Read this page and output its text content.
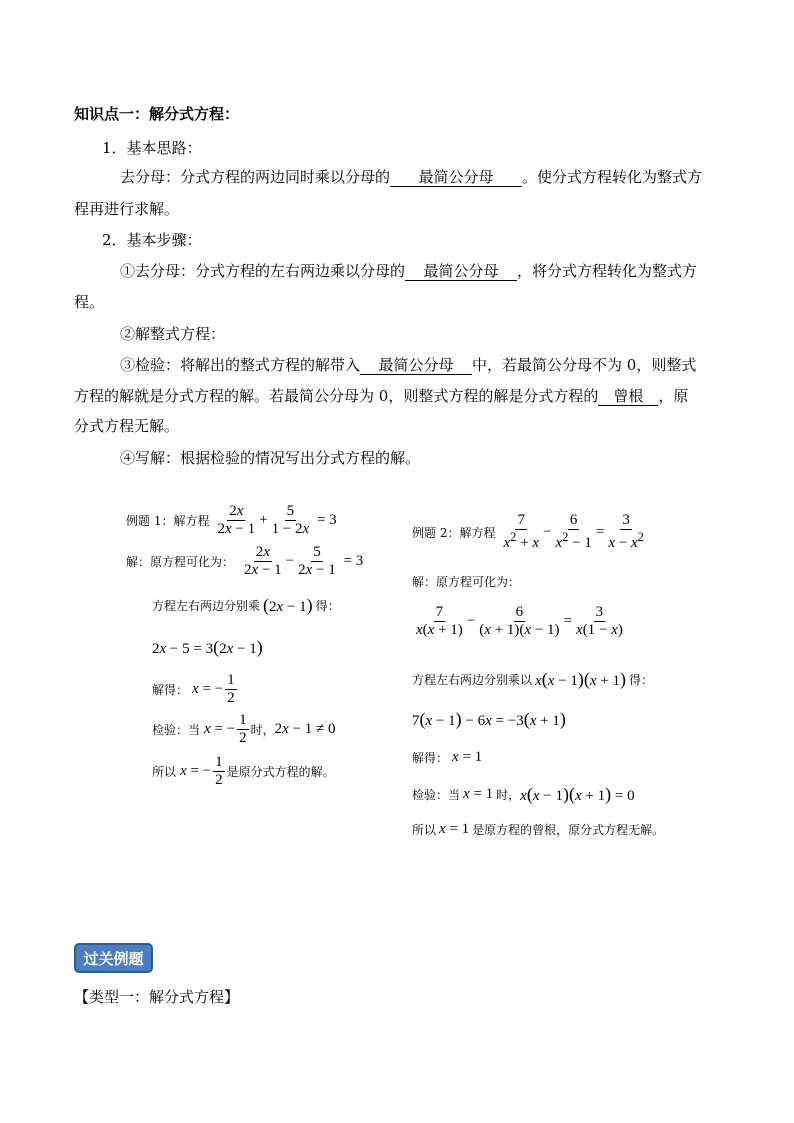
知识点一：解分式方程：
1．基本思路：
去分母：分式方程的两边同时乘以分母的 最简公分母 。使分式方程转化为整式方
程再进行求解。
2．基本步骤：
①去分母：分式方程的左右两边乘以分母的 最简公分母 ，将分式方程转化为整式方
程。
②解整式方程：
③检验：将解出的整式方程的解带入 最简公分母 中，若最简公分母不为 0，则整式
方程的解就是分式方程的解。若最简公分母为 0，则整式方程的解是分式方程的 曾根 ，原
分式方程无解。
④写解：根据检验的情况写出分式方程的解。
例题 1：解方程 $\frac{2x}{2x - 1} + \frac{5}{1 - 2x} = 3$
解：原方程可化为： $\frac{2x}{2x - 1} - \frac{5}{2x - 1} = 3$
方程左右两边分别乘 (2x − 1) 得：
2x − 5 = 3(2x − 1)
解得： x = − $\frac{1}{2}$
检验：当 x = − $\frac{1}{2}$ 时， 2x − 1 ≠ 0
所以 x = − $\frac{1}{2}$ 是原分式方程的解。
例题 2：解方程 $\frac{7}{x^2 + x} - \frac{6}{x^2 - 1} = \frac{3}{x - x^2}$
解：原方程可化为：
$\frac{7}{x(x + 1)} - \frac{6}{(x + 1)(x - 1)} = \frac{3}{x(1 - x)}$
方程左右两边分别乘以 x(x − 1)(x + 1) 得：
7(x − 1) − 6x = −3(x + 1)
解得： x = 1
检验：当 x = 1 时， x(x − 1)(x + 1) = 0
所以 x = 1 是原方程的曾根，原分式方程无解。
过关例题
【类型一：解分式方程】
